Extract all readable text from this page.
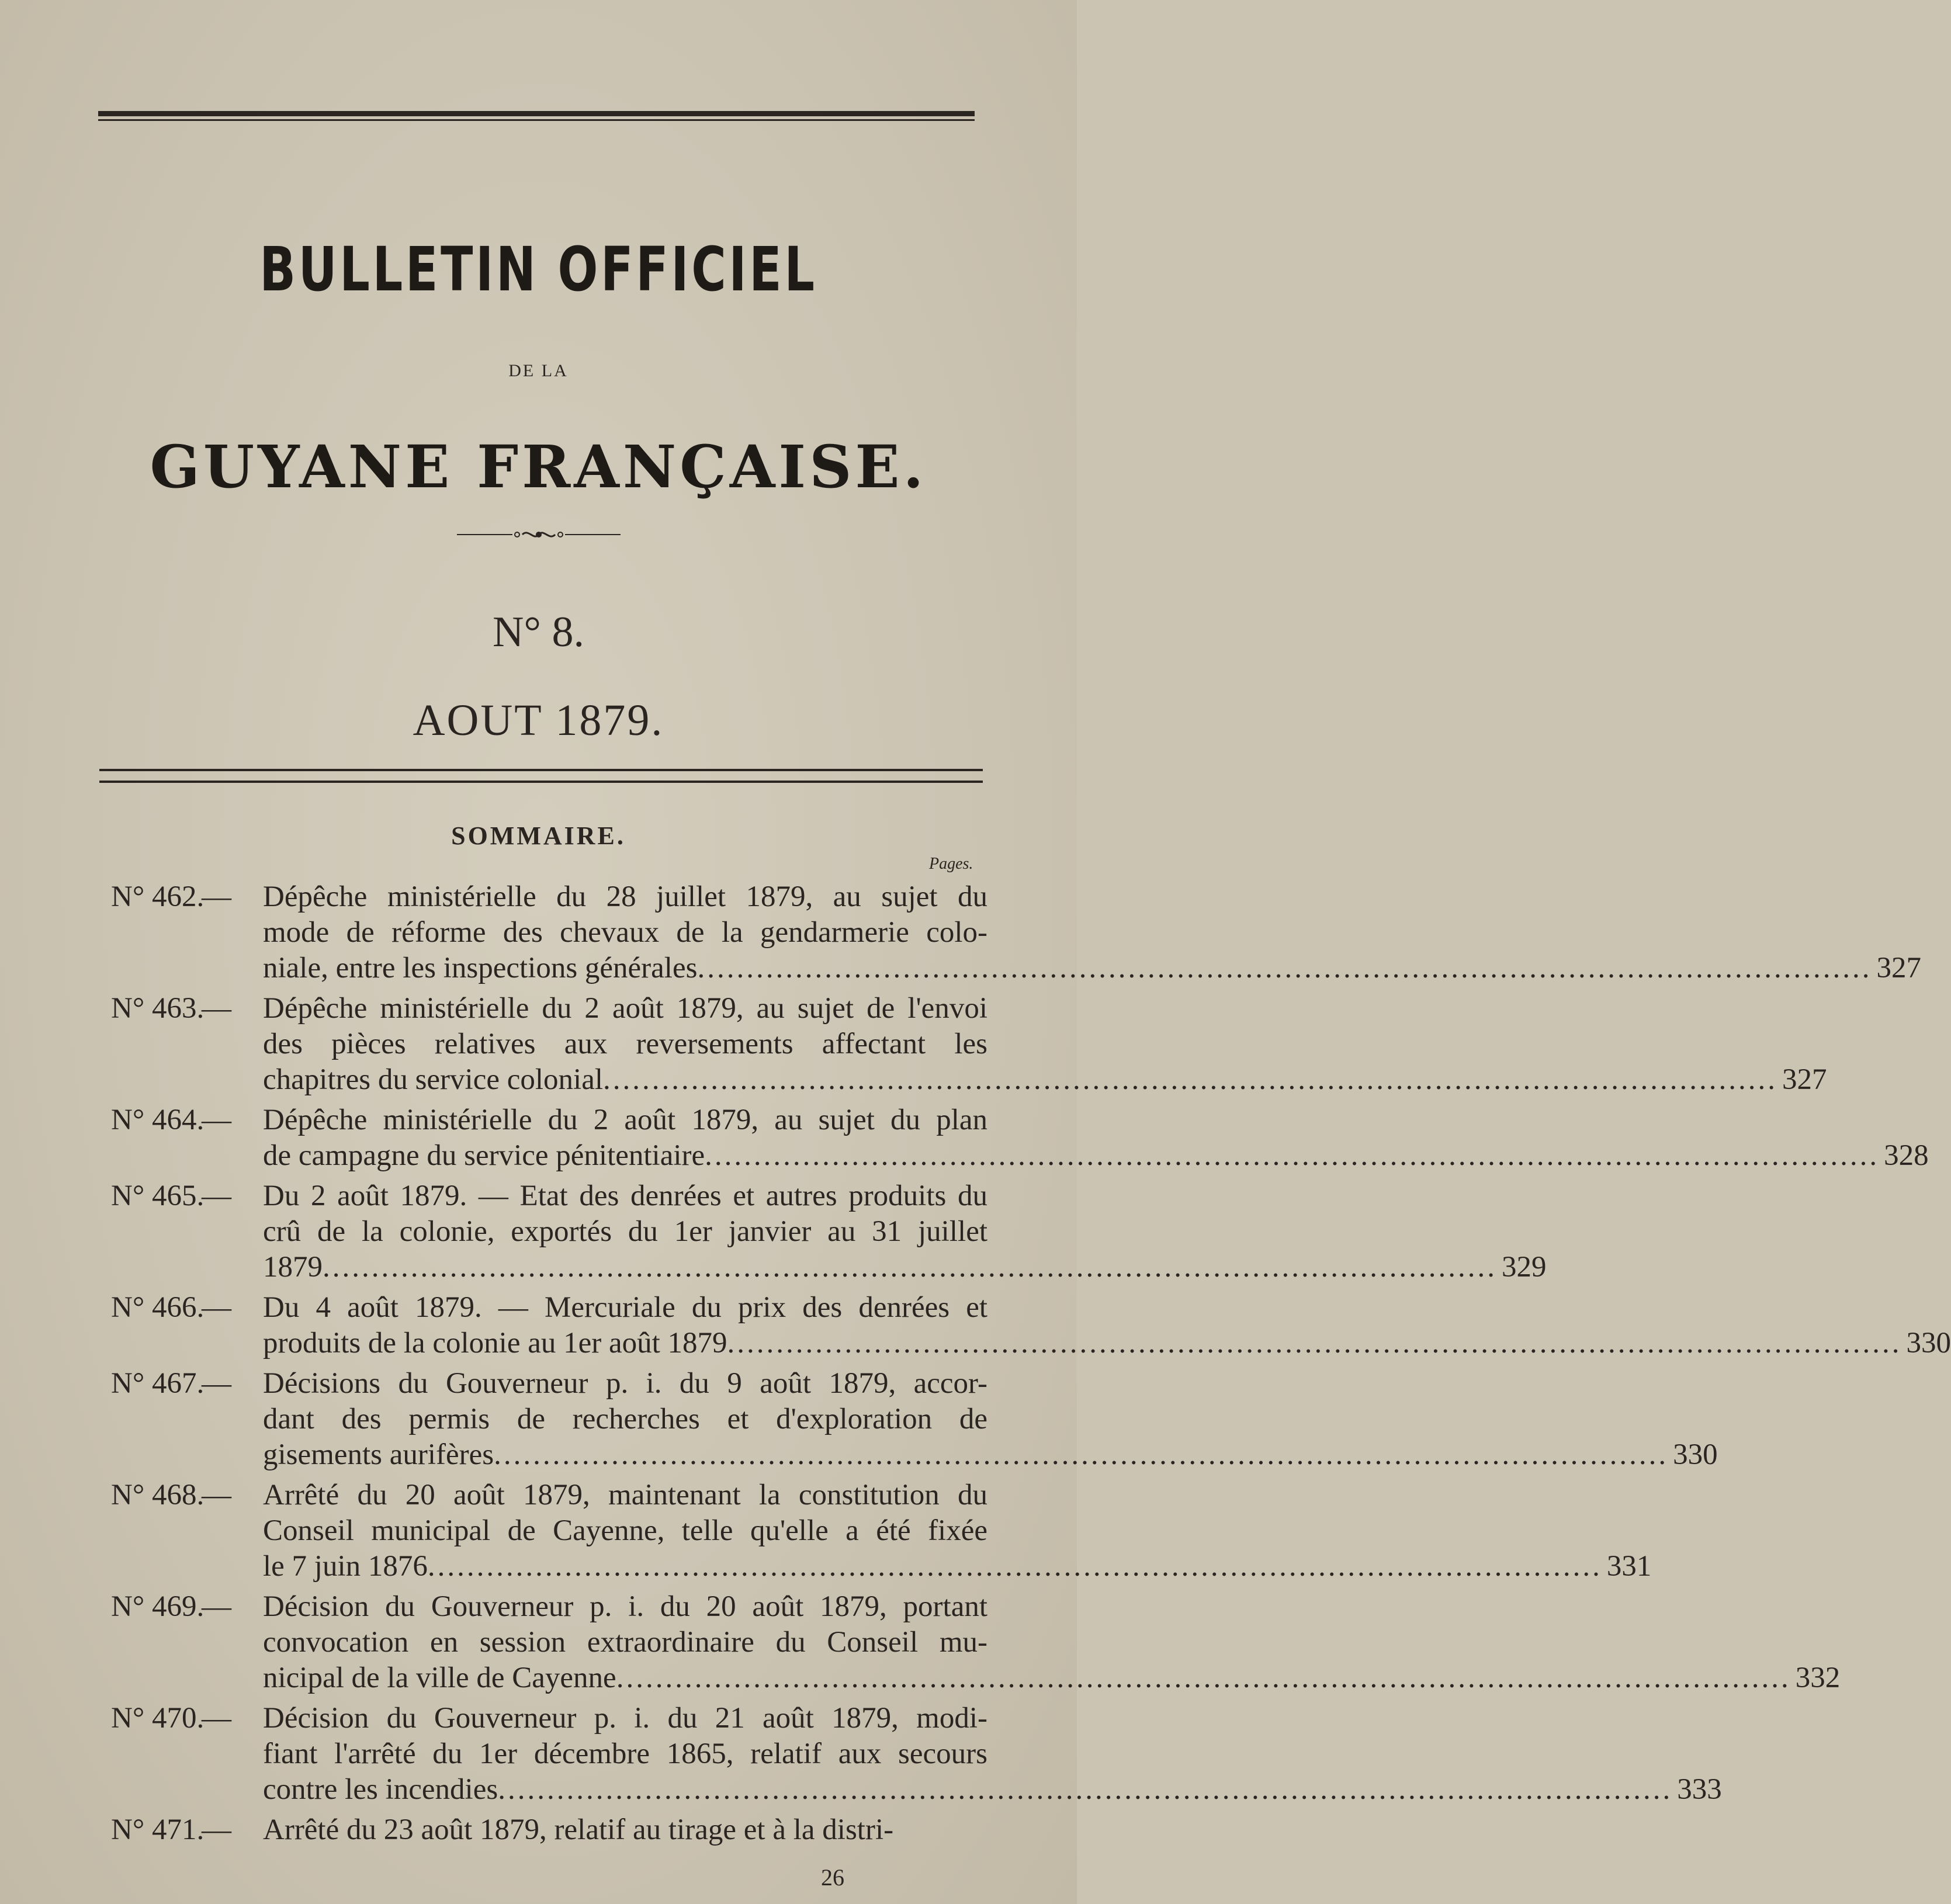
BULLETIN OFFICIEL
DE LA
GUYANE FRANÇAISE.
N° 8.
AOUT 1879.
SOMMAIRE.
Pages.
N° 462.
— Dépêche ministérielle du 28 juillet 1879, au sujet du
mode de réforme des chevaux de la gendarmerie colo-
niale, entre les inspections générales ........................................................................................................................ 327
N° 463.
— Dépêche ministérielle du 2 août 1879, au sujet de l'envoi
des pièces relatives aux reversements affectant les
chapitres du service colonial ........................................................................................................................ 327
N° 464.
— Dépêche ministérielle du 2 août 1879, au sujet du plan
de campagne du service pénitentiaire ........................................................................................................................ 328
N° 465.
— Du 2 août 1879. — Etat des denrées et autres produits du
crû de la colonie, exportés du 1er janvier au 31 juillet
1879 ........................................................................................................................ 329
N° 466.
— Du 4 août 1879. — Mercuriale du prix des denrées et
produits de la colonie au 1er août 1879 ........................................................................................................................ 330
N° 467.
— Décisions du Gouverneur p. i. du 9 août 1879, accor-
dant des permis de recherches et d'exploration de
gisements aurifères ........................................................................................................................ 330
N° 468.
— Arrêté du 20 août 1879, maintenant la constitution du
Conseil municipal de Cayenne, telle qu'elle a été fixée
le 7 juin 1876 ........................................................................................................................ 331
N° 469.
— Décision du Gouverneur p. i. du 20 août 1879, portant
convocation en session extraordinaire du Conseil mu-
nicipal de la ville de Cayenne ........................................................................................................................ 332
N° 470.
— Décision du Gouverneur p. i. du 21 août 1879, modi-
fiant l'arrêté du 1er décembre 1865, relatif aux secours
contre les incendies ........................................................................................................................ 333
N° 471.
— Arrêté du 23 août 1879, relatif au tirage et à la distri-
26
